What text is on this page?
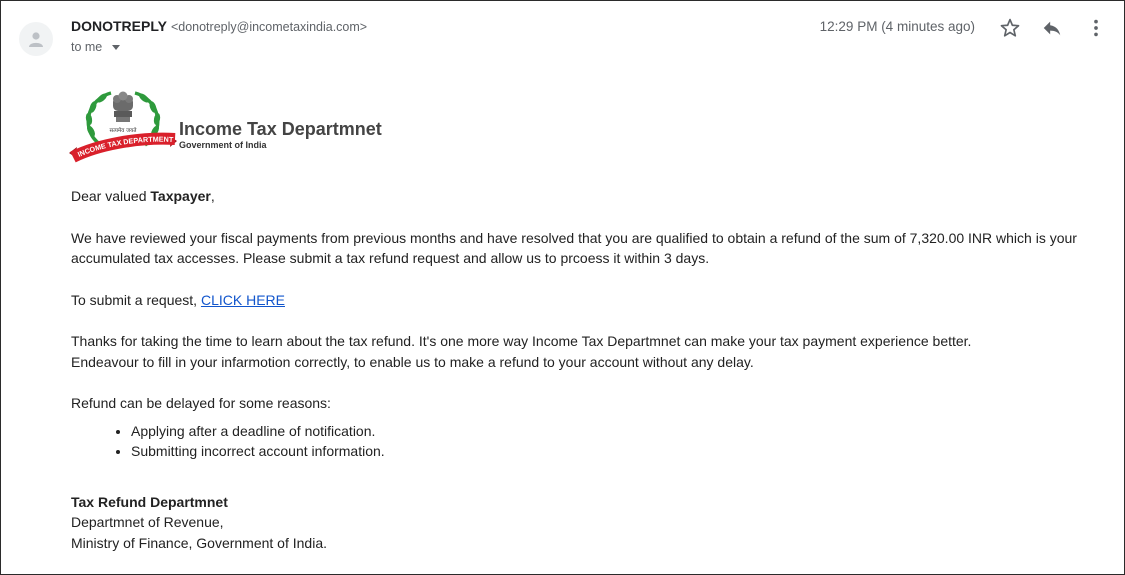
DONOTREPLY <donotreply@incometaxindia.com>
to me
12:29 PM (4 minutes ago)
सत्यमेव जयते
INCOME TAX DEPARTMENT
Income Tax Departmnet
Government of India

Dear valued Taxpayer,

We have reviewed your fiscal payments from previous months and have resolved that you are qualified to obtain a refund of the sum of 7,320.00 INR which is your accumulated tax accesses. Please submit a tax refund request and allow us to prcoess it within 3 days.

To submit a request, CLICK HERE

Thanks for taking the time to learn about the tax refund. It's one more way Income Tax Departmnet can make your tax payment experience better.
Endeavour to fill in your infarmotion correctly, to enable us to make a refund to your account without any delay.

Refund can be delayed for some reasons:

• Applying after a deadline of notification.
• Submitting incorrect account information.

Tax Refund Departmnet

Departmnet of Revenue,

Ministry of Finance, Government of India.
